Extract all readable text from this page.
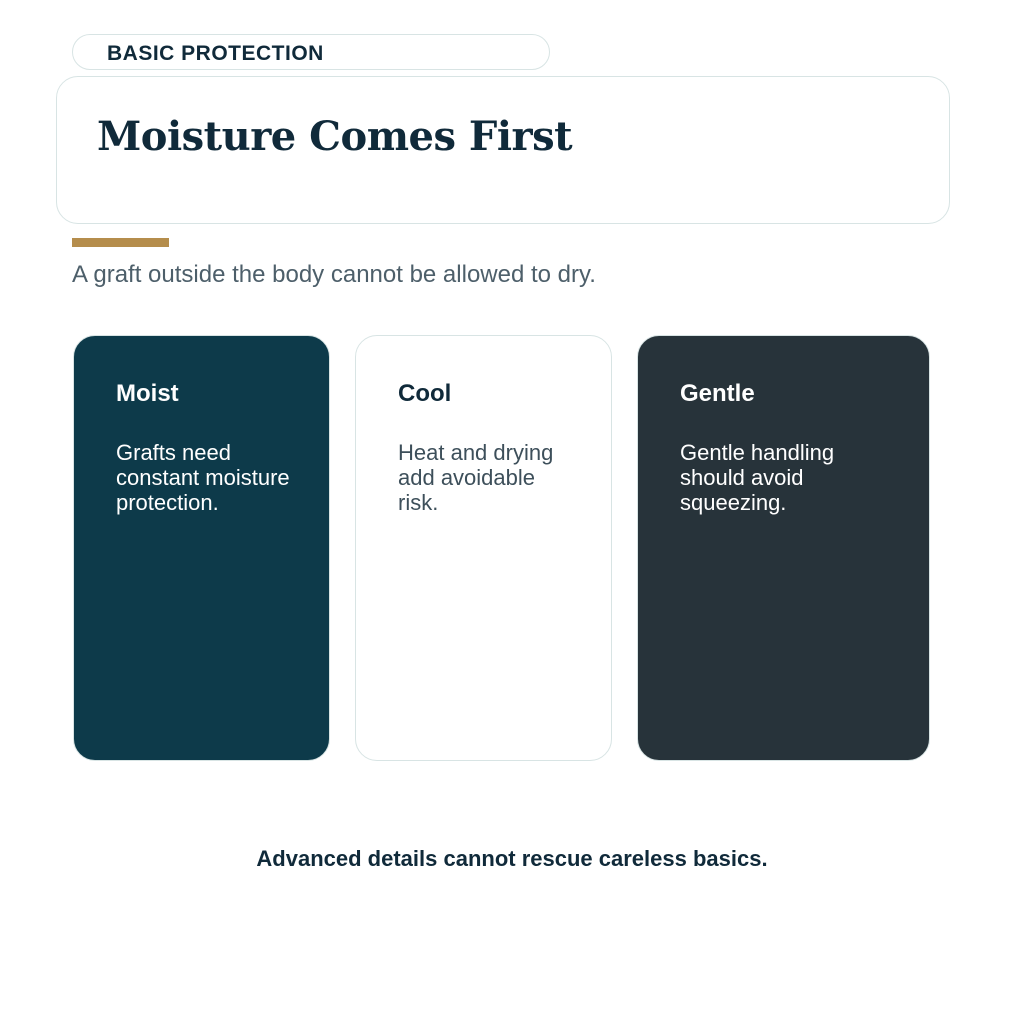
BASIC PROTECTION
Moisture Comes First
A graft outside the body cannot be allowed to dry.
Moist
Grafts need constant moisture protection.
Cool
Heat and drying add avoidable risk.
Gentle
Gentle handling should avoid squeezing.
Advanced details cannot rescue careless basics.
